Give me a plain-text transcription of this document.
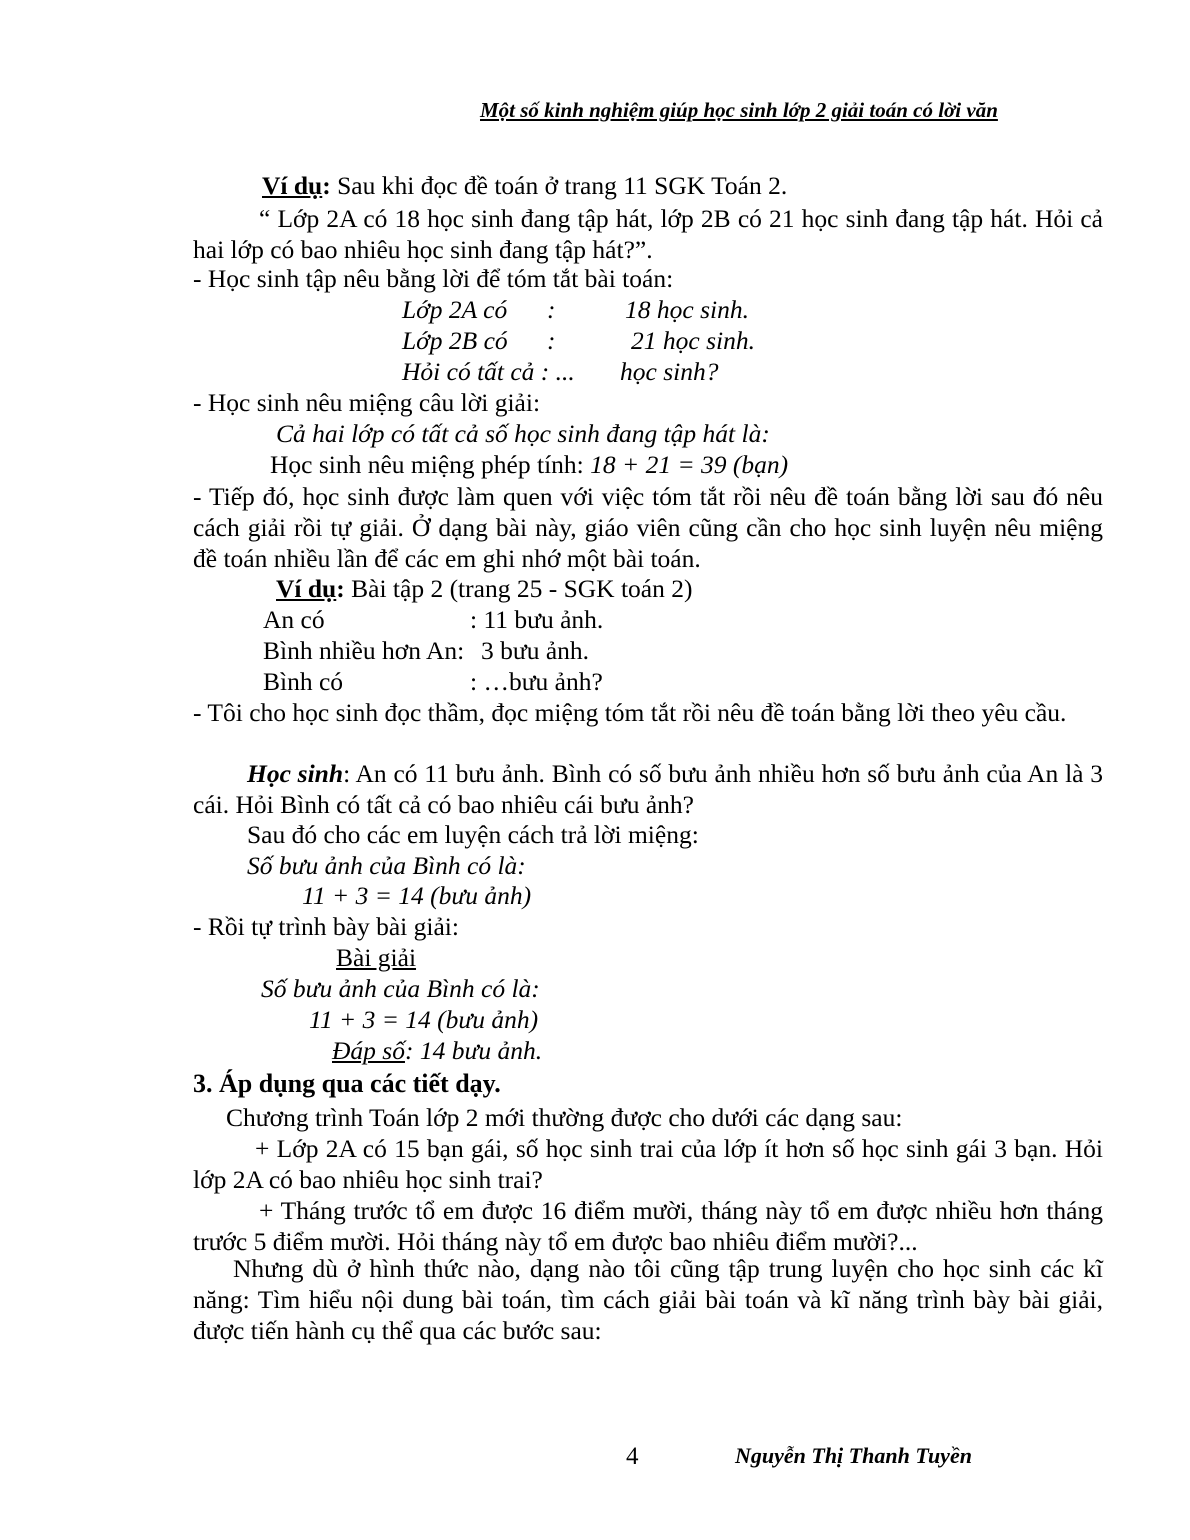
Một số kinh nghiệm giúp học sinh lớp 2 giải toán có lời văn
Ví dụ: Sau khi đọc đề toán ở trang 11 SGK Toán 2.
“ Lớp 2A có 18 học sinh đang tập hát, lớp 2B có 21 học sinh đang tập hát. Hỏi cả hai lớp có bao nhiêu học sinh đang tập hát?”.
- Học sinh tập nêu bằng lời để tóm tắt bài toán:
Lớp 2A có :	18 học sinh.
Lớp 2B có :	21 học sinh.
Hỏi có tất cả : ... học sinh?
- Học sinh nêu miệng câu lời giải:
Cả hai lớp có tất cả số học sinh đang tập hát là:
Học sinh nêu miệng phép tính: 18 + 21 = 39 (bạn)
- Tiếp đó, học sinh được làm quen với việc tóm tắt rồi nêu đề toán bằng lời sau đó nêu cách giải rồi tự giải. Ở dạng bài này, giáo viên cũng cần cho học sinh luyện nêu miệng đề toán nhiều lần để các em ghi nhớ một bài toán.
Ví dụ: Bài tập 2 (trang 25 - SGK toán 2)
An có	: 11 bưu ảnh.
Bình nhiều hơn An: 3 bưu ảnh.
Bình có	: …bưu ảnh?
- Tôi cho học sinh đọc thầm, đọc miệng tóm tắt rồi nêu đề toán bằng lời theo yêu cầu.
Học sinh: An có 11 bưu ảnh. Bình có số bưu ảnh nhiều hơn số bưu ảnh của An là 3 cái. Hỏi Bình có tất cả có bao nhiêu cái bưu ảnh?
Sau đó cho các em luyện cách trả lời miệng:
Số bưu ảnh của Bình có là:
11 + 3 = 14 (bưu ảnh)
- Rồi tự trình bày bài giải:
Bài giải
Số bưu ảnh của Bình có là:
11 + 3 = 14 (bưu ảnh)
Đáp số: 14 bưu ảnh.
3. Áp dụng qua các tiết dạy.
Chương trình Toán lớp 2 mới thường được cho dưới các dạng sau:
+ Lớp 2A có 15 bạn gái, số học sinh trai của lớp ít hơn số học sinh gái 3 bạn. Hỏi lớp 2A có bao nhiêu học sinh trai?
+ Tháng trước tổ em được 16 điểm mười, tháng này tổ em được nhiều hơn tháng trước 5 điểm mười. Hỏi tháng này tổ em được bao nhiêu điểm mười?...
Nhưng dù ở hình thức nào, dạng nào tôi cũng tập trung luyện cho học sinh các kĩ năng: Tìm hiểu nội dung bài toán, tìm cách giải bài toán và kĩ năng trình bày bài giải, được tiến hành cụ thể qua các bước sau:
4	Nguyễn Thị Thanh Tuyền
